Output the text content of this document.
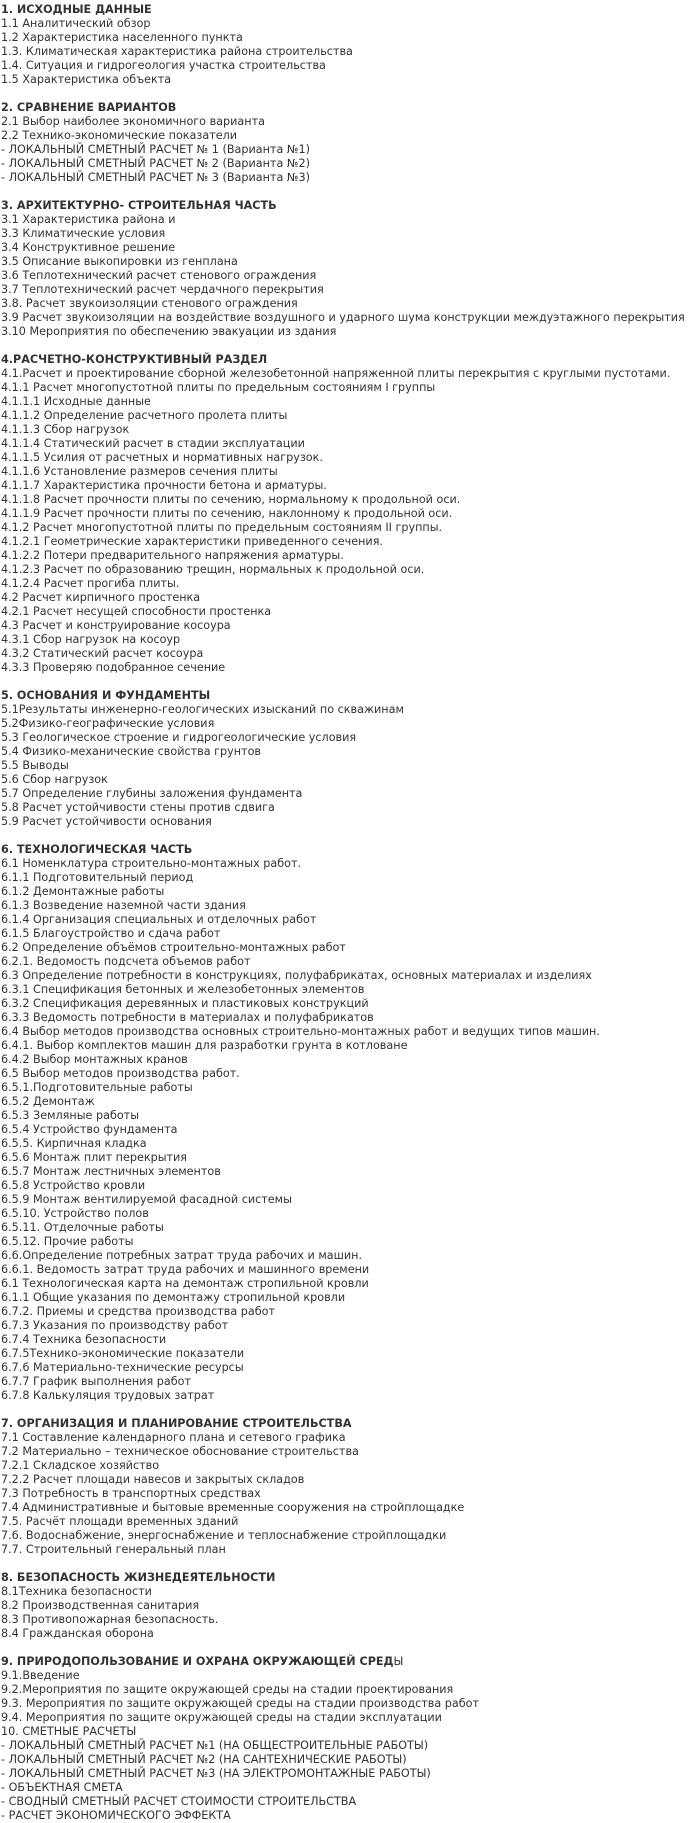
1. ИСХОДНЫЕ ДАННЫЕ
1.1 Аналитический обзор
1.2 Характеристика населенного пункта
1.3. Климатическая характеристика района строительства
1.4. Ситуация и гидрогеология участка строительства
1.5 Характеристика объекта
2. СРАВНЕНИЕ ВАРИАНТОВ
2.1 Выбор наиболее экономичного варианта
2.2 Технико-экономические показатели
- ЛОКАЛЬНЫЙ СМЕТНЫЙ РАСЧЕТ № 1 (Варианта №1)
- ЛОКАЛЬНЫЙ СМЕТНЫЙ РАСЧЕТ № 2 (Варианта №2)
- ЛОКАЛЬНЫЙ СМЕТНЫЙ РАСЧЕТ № 3 (Варианта №3)
3. АРХИТЕКТУРНО- СТРОИТЕЛЬНАЯ ЧАСТЬ
3.1 Характеристика района и
3.3 Климатические условия
3.4 Конструктивное решение
3.5 Описание выкопировки из генплана
3.6 Теплотехнический расчет стенового ограждения
3.7 Теплотехнический расчет чердачного перекрытия
3.8. Расчет звукоизоляции стенового ограждения
3.9 Расчет звукоизоляции на воздействие воздушного и ударного шума конструкции междуэтажного перекрытия
3.10 Мероприятия по обеспечению эвакуации из здания
4.РАСЧЕТНО-КОНСТРУКТИВНЫЙ РАЗДЕЛ
4.1.Расчет и проектирование сборной железобетонной напряженной плиты перекрытия с круглыми пустотами.
4.1.1 Расчет многопустотной плиты по предельным состояниям I группы
4.1.1.1 Исходные данные
4.1.1.2 Определение расчетного пролета плиты
4.1.1.3 Сбор нагрузок
4.1.1.4 Статический расчет в стадии эксплуатации
4.1.1.5 Усилия от расчетных и нормативных нагрузок.
4.1.1.6 Установление размеров сечения плиты
4.1.1.7 Характеристика прочности бетона и арматуры.
4.1.1.8 Расчет прочности плиты по сечению, нормальному к продольной оси.
4.1.1.9 Расчет прочности плиты по сечению, наклонному к продольной оси.
4.1.2 Расчет многопустотной плиты по предельным состояниям II группы.
4.1.2.1 Геометрические характеристики приведенного сечения.
4.1.2.2 Потери предварительного напряжения арматуры.
4.1.2.3 Расчет по образованию трещин, нормальных к продольной оси.
4.1.2.4 Расчет прогиба плиты.
4.2 Расчет кирпичного простенка
4.2.1 Расчет несущей способности простенка
4.3 Расчет и конструирование косоура
4.3.1 Сбор нагрузок на косоур
4.3.2 Статический расчет косоура
4.3.3 Проверяю подобранное сечение
5. ОСНОВАНИЯ И ФУНДАМЕНТЫ
5.1Результаты инженерно-геологических изысканий по скважинам
5.2Физико-географические условия
5.3 Геологическое строение и гидрогеологические условия
5.4 Физико-механические свойства грунтов
5.5 Выводы
5.6 Сбор нагрузок
5.7 Определение глубины заложения фундамента
5.8 Расчет устойчивости стены против сдвига
5.9 Расчет устойчивости основания
6. ТЕХНОЛОГИЧЕСКАЯ ЧАСТЬ
6.1 Номенклатура строительно-монтажных работ.
6.1.1 Подготовительный период
6.1.2 Демонтажные работы
6.1.3 Возведение наземной части здания
6.1.4 Организация специальных и отделочных работ
6.1.5 Благоустройство и сдача работ
6.2 Определение объёмов строительно-монтажных работ
6.2.1. Ведомость подсчета объемов работ
6.3 Определение потребности в конструкциях, полуфабрикатах, основных материалах и изделиях
6.3.1 Спецификация бетонных и железобетонных элементов
6.3.2 Спецификация деревянных и пластиковых конструкций
6.3.3 Ведомость потребности в материалах и полуфабрикатов
6.4 Выбор методов производства основных строительно-монтажных работ и ведущих типов машин.
6.4.1. Выбор комплектов машин для разработки грунта в котловане
6.4.2 Выбор монтажных кранов
6.5 Выбор методов производства работ.
6.5.1.Подготовительные работы
6.5.2 Демонтаж
6.5.3 Земляные работы
6.5.4 Устройство фундамента
6.5.5. Кирпичная кладка
6.5.6 Монтаж плит перекрытия
6.5.7 Монтаж лестничных элементов
6.5.8 Устройство кровли
6.5.9 Монтаж вентилируемой фасадной системы
6.5.10. Устройство полов
6.5.11. Отделочные работы
6.5.12. Прочие работы
6.6.Определение потребных затрат труда рабочих и машин.
6.6.1. Ведомость затрат труда рабочих и машинного времени
6.1 Технологическая карта на демонтаж стропильной кровли
6.1.1 Общие указания по демонтажу стропильной кровли
6.7.2. Приемы и средства производства работ
6.7.3 Указания по производству работ
6.7.4 Техника безопасности
6.7.5Технико-экономические показатели
6.7.6 Материально-технические ресурсы
6.7.7 График выполнения работ
6.7.8 Калькуляция трудовых затрат
7. ОРГАНИЗАЦИЯ И ПЛАНИРОВАНИЕ СТРОИТЕЛЬСТВА
7.1 Составление календарного плана и сетевого графика
7.2 Материально – техническое обоснование строительства
7.2.1 Складское хозяйство
7.2.2 Расчет площади навесов и закрытых складов
7.3 Потребность в транспортных средствах
7.4 Административные и бытовые временные сооружения на стройплощадке
7.5. Расчёт площади временных зданий
7.6. Водоснабжение, энергоснабжение и теплоснабжение стройплощадки
7.7. Строительный генеральный план
8. БЕЗОПАСНОСТЬ ЖИЗНЕДЕЯТЕЛЬНОСТИ
8.1Техника безопасности
8.2 Производственная санитария
8.3 Противопожарная безопасность.
8.4 Гражданская оборона
9. ПРИРОДОПОЛЬЗОВАНИЕ И ОХРАНА ОКРУЖАЮЩЕЙ СРЕДЫ
9.1.Введение
9.2.Мероприятия по защите окружающей среды на стадии проектирования
9.3. Мероприятия по защите окружающей среды на стадии производства работ
9.4. Мероприятия по защите окружающей среды на стадии эксплуатации
10. СМЕТНЫЕ РАСЧЕТЫ
- ЛОКАЛЬНЫЙ СМЕТНЫЙ РАСЧЕТ №1 (НА ОБЩЕСТРОИТЕЛЬНЫЕ РАБОТЫ)
- ЛОКАЛЬНЫЙ СМЕТНЫЙ РАСЧЕТ №2 (НА САНТЕХНИЧЕСКИЕ РАБОТЫ)
- ЛОКАЛЬНЫЙ СМЕТНЫЙ РАСЧЕТ №3 (НА ЭЛЕКТРОМОНТАЖНЫЕ РАБОТЫ)
- ОБЪЕКТНАЯ СМЕТА
- СВОДНЫЙ СМЕТНЫЙ РАСЧЕТ СТОИМОСТИ СТРОИТЕЛЬСТВА
- РАСЧЕТ ЭКОНОМИЧЕСКОГО ЭФФЕКТА
